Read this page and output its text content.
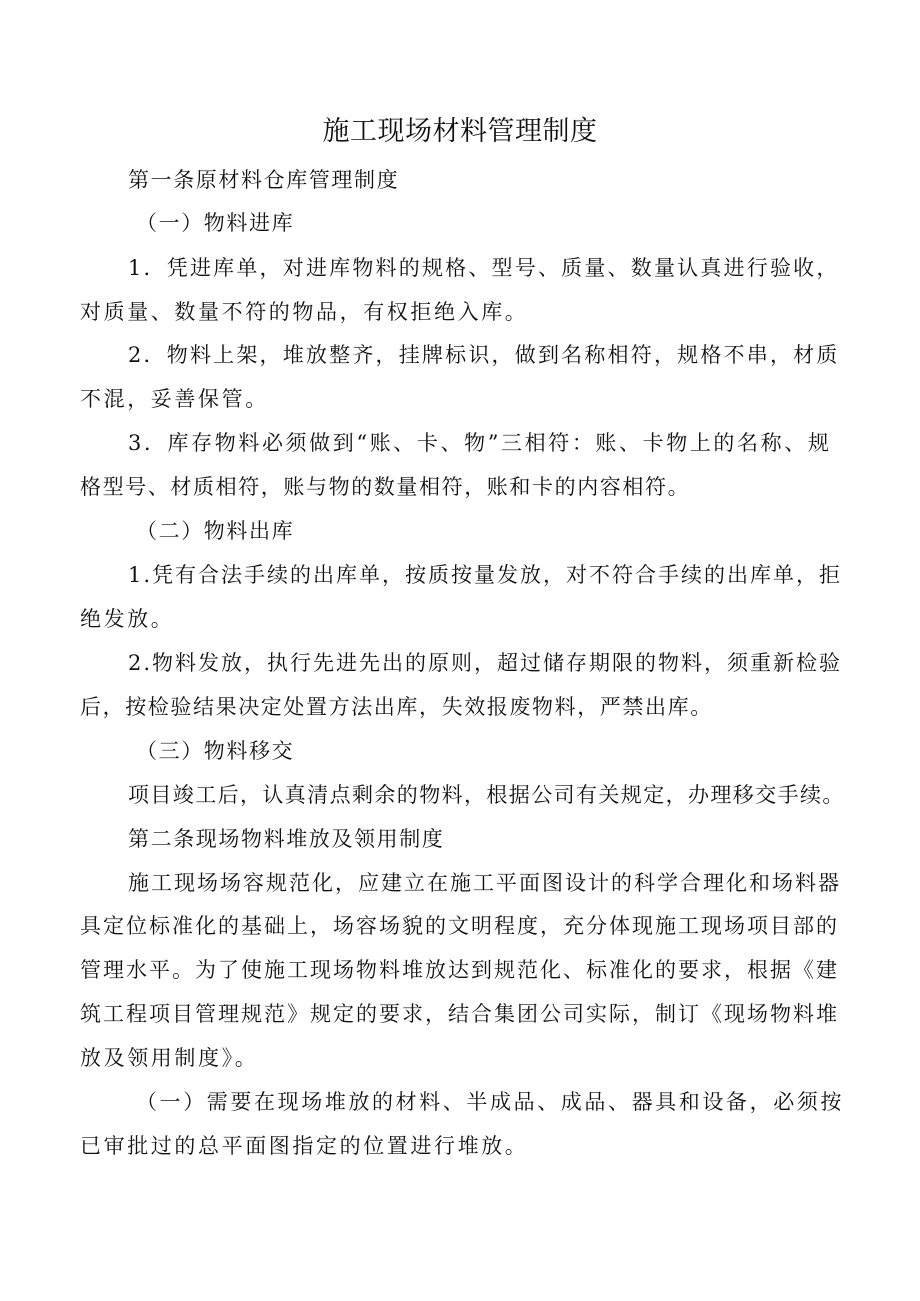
施工现场材料管理制度
第一条原材料仓库管理制度
（一）物料进库
1．凭进库单，对进库物料的规格、型号、质量、数量认真进行验收，
对质量、数量不符的物品，有权拒绝入库。
2．物料上架，堆放整齐，挂牌标识，做到名称相符，规格不串，材质
不混，妥善保管。
3．库存物料必须做到“账、卡、物”三相符：账、卡物上的名称、规
格型号、材质相符，账与物的数量相符，账和卡的内容相符。
（二）物料出库
1.凭有合法手续的出库单，按质按量发放，对不符合手续的出库单，拒
绝发放。
2.物料发放，执行先进先出的原则，超过储存期限的物料，须重新检验
后，按检验结果决定处置方法出库，失效报废物料，严禁出库。
（三）物料移交
项目竣工后，认真清点剩余的物料，根据公司有关规定，办理移交手续。
第二条现场物料堆放及领用制度
施工现场场容规范化，应建立在施工平面图设计的科学合理化和场料器
具定位标准化的基础上，场容场貌的文明程度，充分体现施工现场项目部的
管理水平。为了使施工现场物料堆放达到规范化、标准化的要求，根据《建
筑工程项目管理规范》规定的要求，结合集团公司实际，制订《现场物料堆
放及领用制度》。
（一）需要在现场堆放的材料、半成品、成品、器具和设备，必须按
已审批过的总平面图指定的位置进行堆放。
